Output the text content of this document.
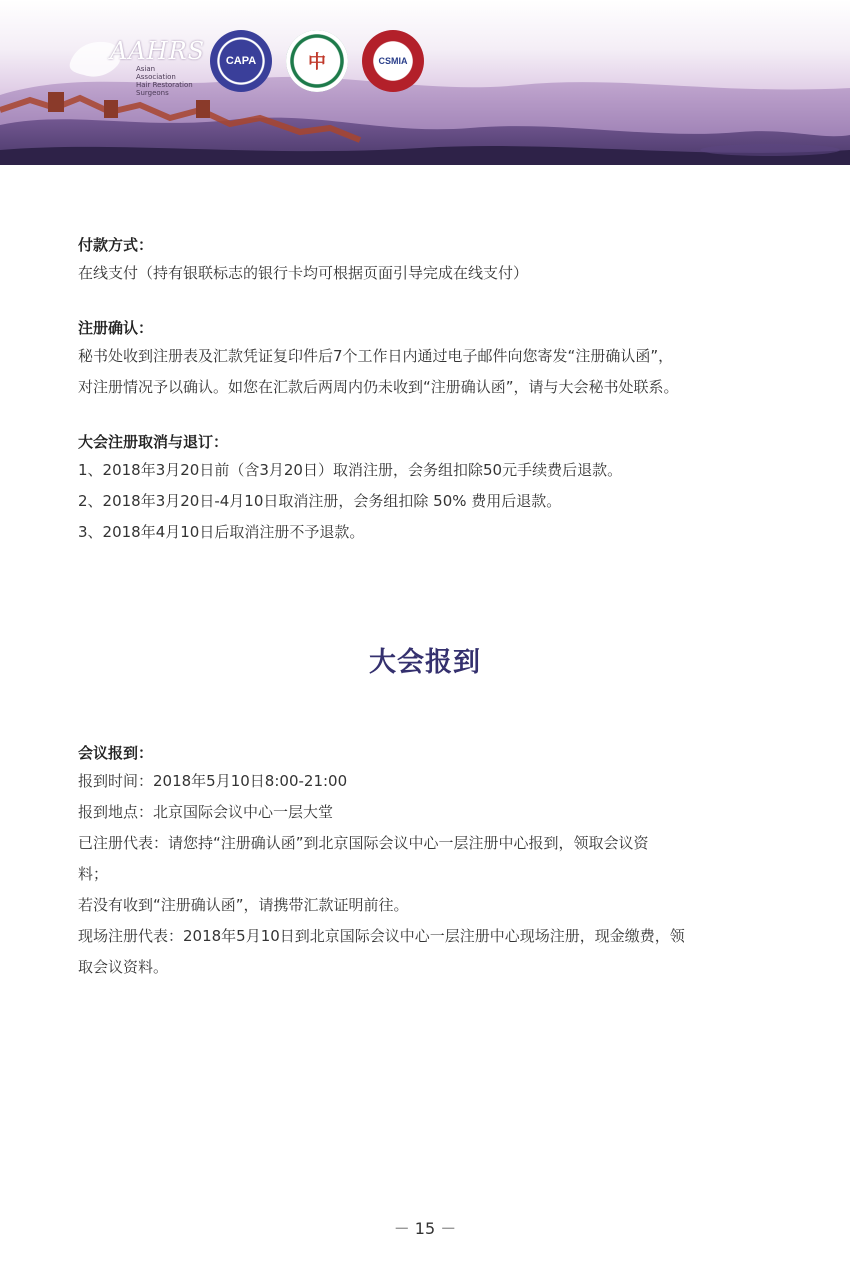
AAHRS
Asian Association
Hair Restoration Surgeons
CAPA	中	CSMIA
付款方式：
在线支付（持有银联标志的银行卡均可根据页面引导完成在线支付）
注册确认：
秘书处收到注册表及汇款凭证复印件后7个工作日内通过电子邮件向您寄发“注册确认函”，
对注册情况予以确认。如您在汇款后两周内仍未收到“注册确认函”，请与大会秘书处联系。
大会注册取消与退订：
1、2018年3月20日前（含3月20日）取消注册，会务组扣除50元手续费后退款。
2、2018年3月20日-4月10日取消注册，会务组扣除 50% 费用后退款。
3、2018年4月10日后取消注册不予退款。
大会报到
会议报到：
报到时间：2018年5月10日8:00-21:00
报到地点：北京国际会议中心一层大堂
已注册代表：请您持“注册确认函”到北京国际会议中心一层注册中心报到，领取会议资
料；
若没有收到“注册确认函”，请携带汇款证明前往。
现场注册代表：2018年5月10日到北京国际会议中心一层注册中心现场注册，现金缴费，领
取会议资料。
－ 15 －
